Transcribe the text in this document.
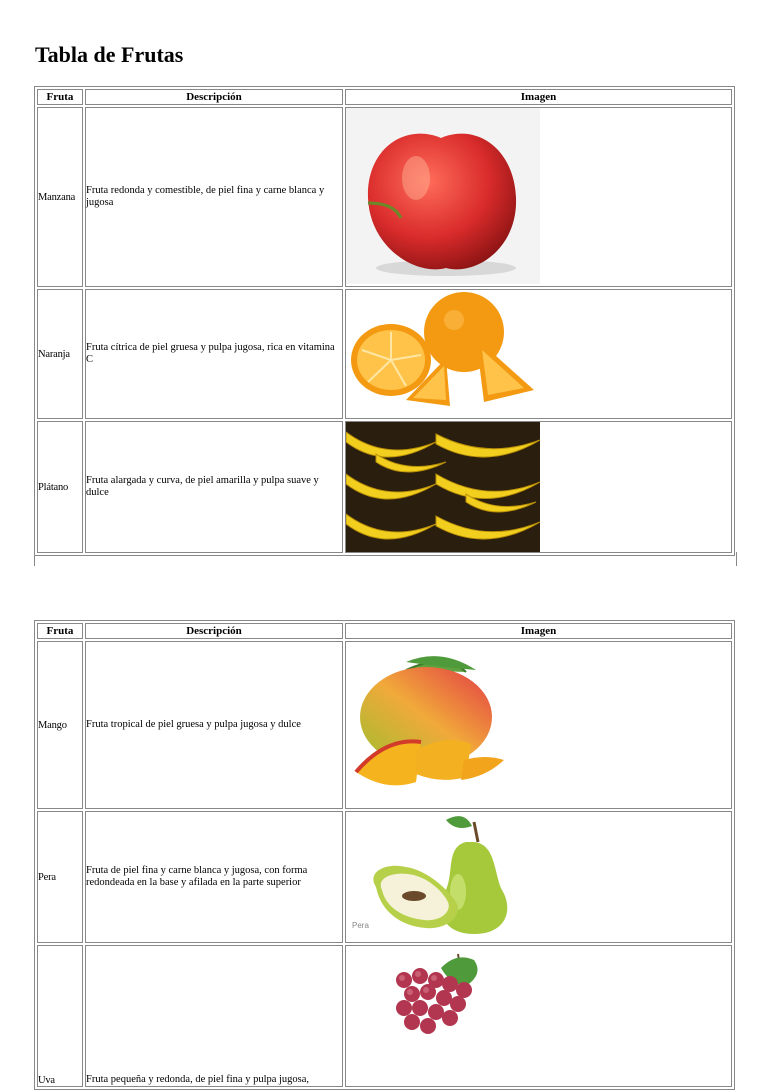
Tabla de Frutas
Fruta	Descripción	Imagen
Manzana	Fruta redonda y comestible, de piel fina y carne blanca y jugosa	

Naranja	Fruta cítrica de piel gruesa y pulpa jugosa, rica en vitamina C	

Plátano	Fruta alargada y curva, de piel amarilla y pulpa suave y dulce	
Fruta	Descripción	Imagen
Mango	Fruta tropical de piel gruesa y pulpa jugosa y dulce	

Pera	Fruta de piel fina y carne blanca y jugosa, con forma redondeada en la base y afilada en la parte superior	Pera

Uva	Fruta pequeña y redonda, de piel fina y pulpa jugosa,	
